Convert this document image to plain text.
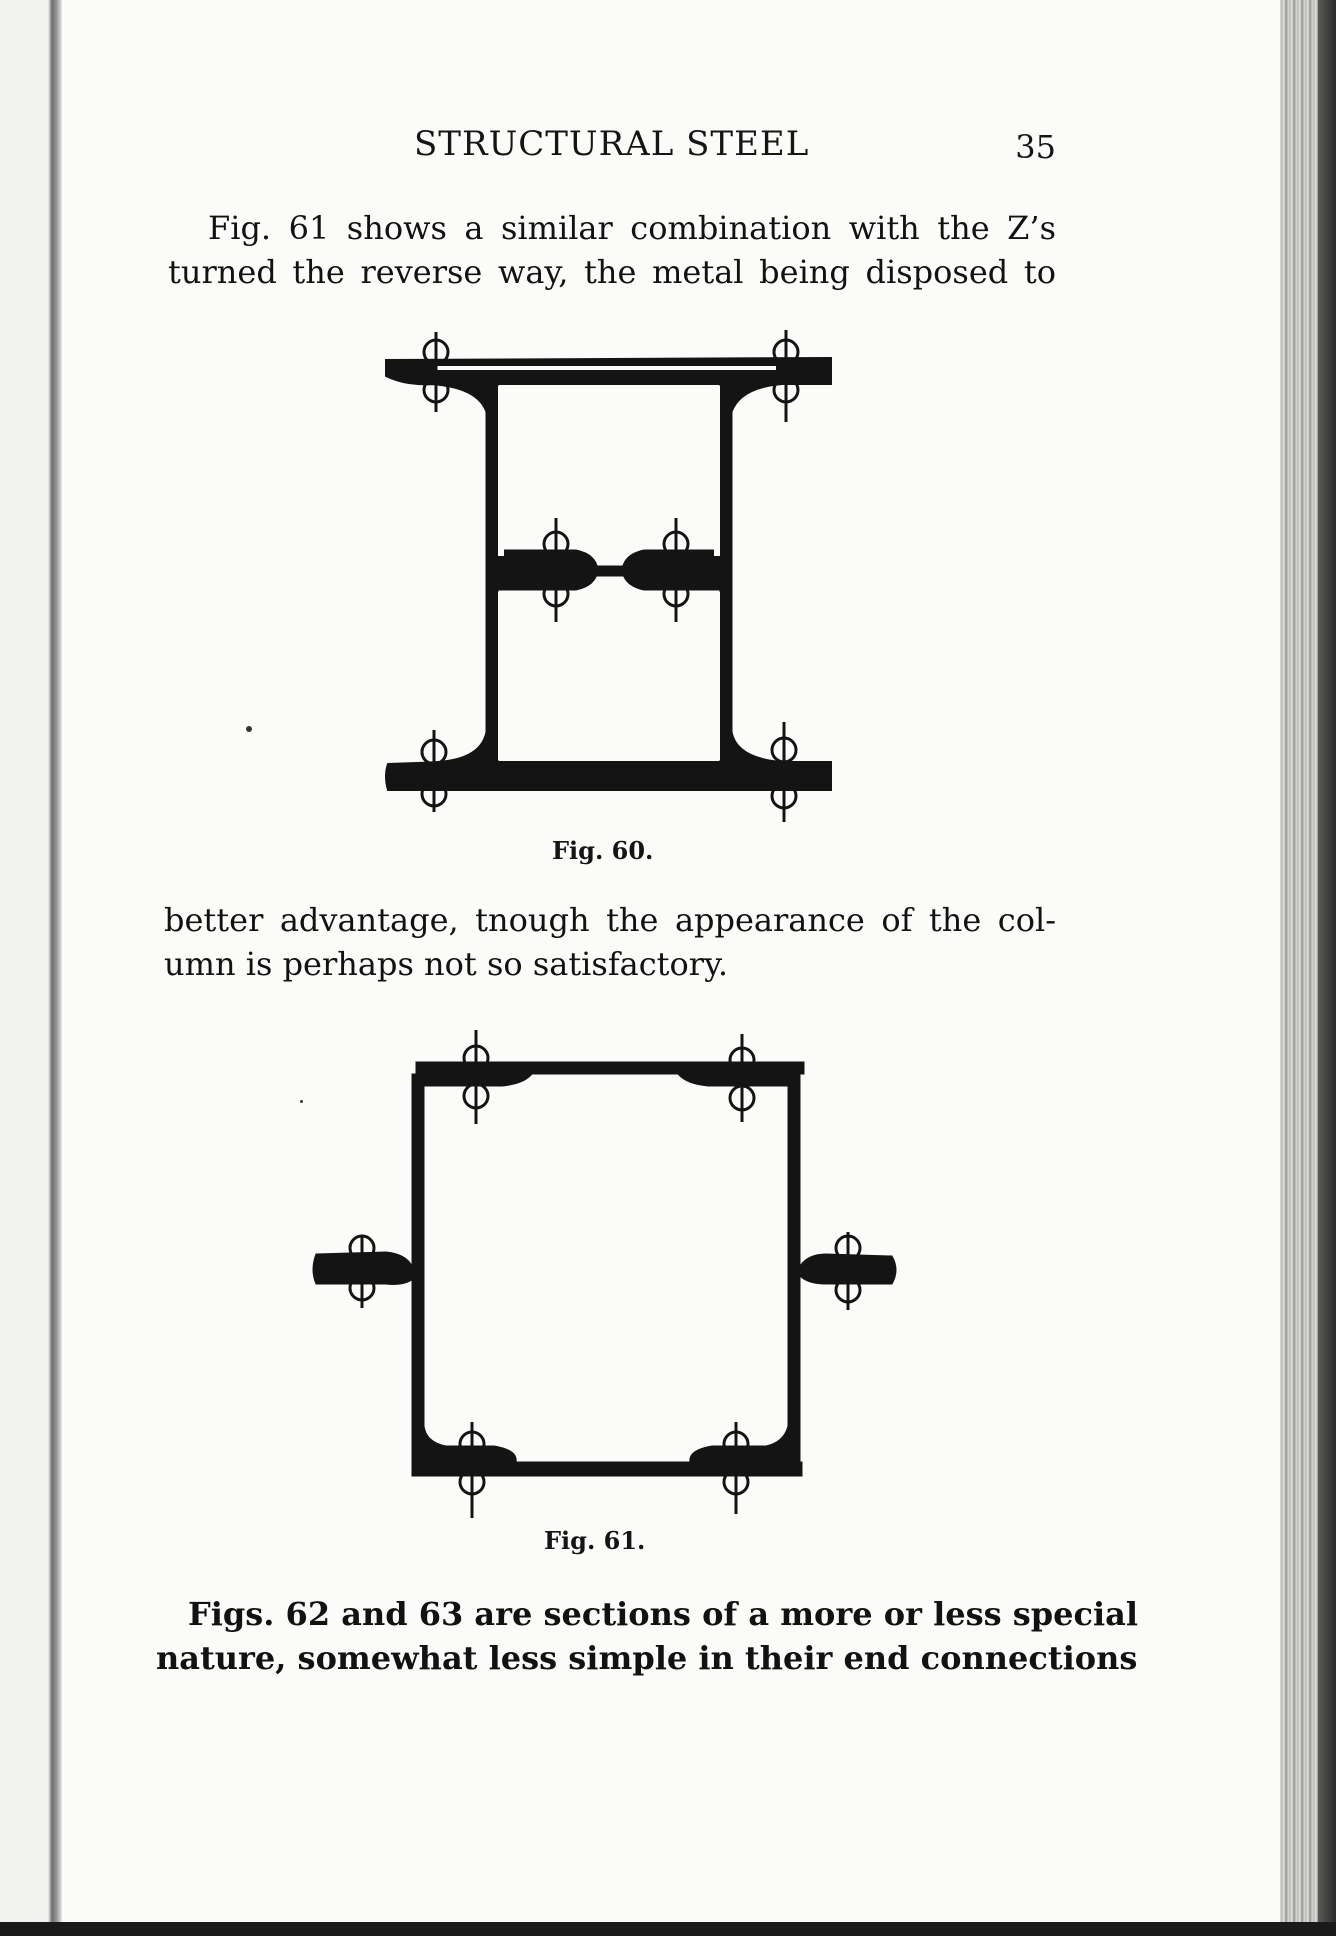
STRUCTURAL STEEL	35
Fig. 61 shows a similar combination with the Z’s
turned the reverse way, the metal being disposed to
Fig. 60.
better advantage, tnough the appearance of the col-
umn is perhaps not so satisfactory.
Fig. 61.
Figs. 62 and 63 are sections of a more or less special
nature, somewhat less simple in their end connections
